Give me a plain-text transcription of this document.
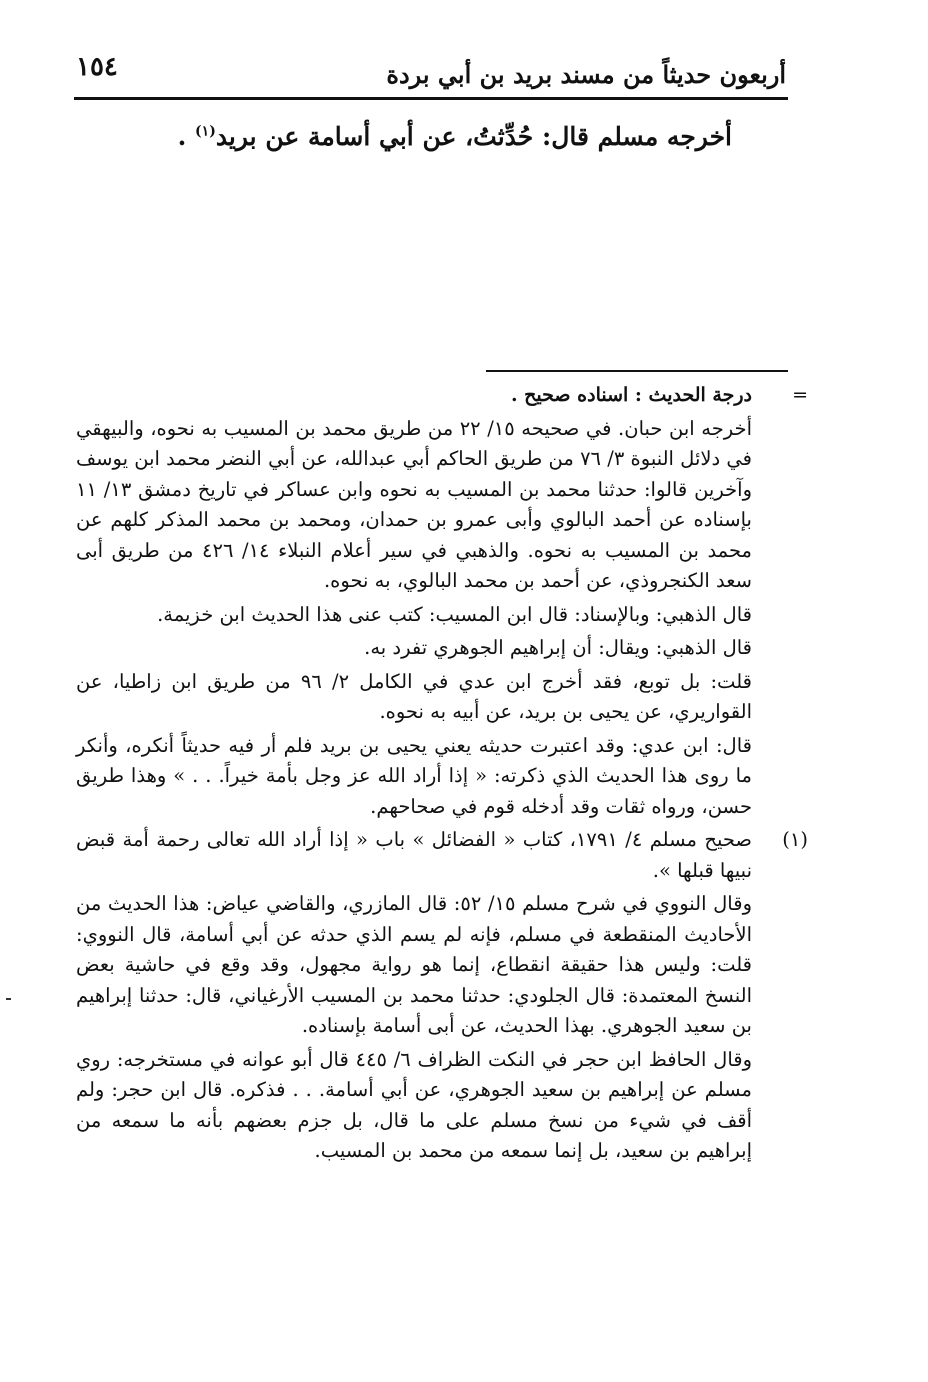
أربعون حديثاً من مسند بريد بن أبي بردة
١٥٤
أخرجه مسلم قال: حُدِّثتُ، عن أبي أسامة عن بريد$^{(١)}$ .
=
درجة الحديث : اسناده صحيح .

أخرجه ابن حبان. في صحيحه ١٥/ ٢٢ من طريق محمد بن المسيب به نحوه، والبيهقي في دلائل النبوة ٣/ ٧٦ من طريق الحاكم أبي عبدالله، عن أبي النضر محمد ابن يوسف وآخرين قالوا: حدثنا محمد بن المسيب به نحوه وابن عساكر في تاريخ دمشق ١٣/ ١١ بإسناده عن أحمد البالوي وأبى عمرو بن حمدان، ومحمد بن محمد المذكر كلهم عن محمد بن المسيب به نحوه. والذهبي في سير أعلام النبلاء ١٤/ ٤٢٦ من طريق أبى سعد الكنجروذي، عن أحمد بن محمد البالوي، به نحوه.

قال الذهبي: وبالإسناد: قال ابن المسيب: كتب عنى هذا الحديث ابن خزيمة.

قال الذهبي: ويقال: أن إبراهيم الجوهري تفرد به.

قلت: بل توبع، فقد أخرج ابن عدي في الكامل ٢/ ٩٦ من طريق ابن زاطيا، عن القواريري، عن يحيى بن بريد، عن أبيه به نحوه.

قال: ابن عدي: وقد اعتبرت حديثه يعني يحيى بن بريد فلم أر فيه حديثاً أنكره، وأنكر ما روى هذا الحديث الذي ذكرته: « إذا أراد الله عز وجل بأمة خيراً. . . » وهذا طريق حسن، ورواه ثقات وقد أدخله قوم في صحاحهم.

(١)
صحيح مسلم ٤/ ١٧٩١، كتاب « الفضائل » باب « إذا أراد الله تعالى رحمة أمة قبض نبيها قبلها ».

وقال النووي في شرح مسلم ١٥/ ٥٢: قال المازري، والقاضي عياض: هذا الحديث من الأحاديث المنقطعة في مسلم، فإنه لم يسم الذي حدثه عن أبي أسامة، قال النووي: قلت: وليس هذا حقيقة انقطاع، إنما هو رواية مجهول، وقد وقع في حاشية بعض النسخ المعتمدة: قال الجلودي: حدثنا محمد بن المسيب الأرغياني، قال: حدثنا إبراهيم بن سعيد الجوهري. بهذا الحديث، عن أبى أسامة بإسناده.

وقال الحافظ ابن حجر في النكت الظراف ٦/ ٤٤٥ قال أبو عوانه في مستخرجه: روي مسلم عن إبراهيم بن سعيد الجوهري، عن أبي أسامة. . . فذكره. قال ابن حجر: ولم أقف في شيء من نسخ مسلم على ما قال، بل جزم بعضهم بأنه ما سمعه من إبراهيم بن سعيد، بل إنما سمعه من محمد بن المسيب.
